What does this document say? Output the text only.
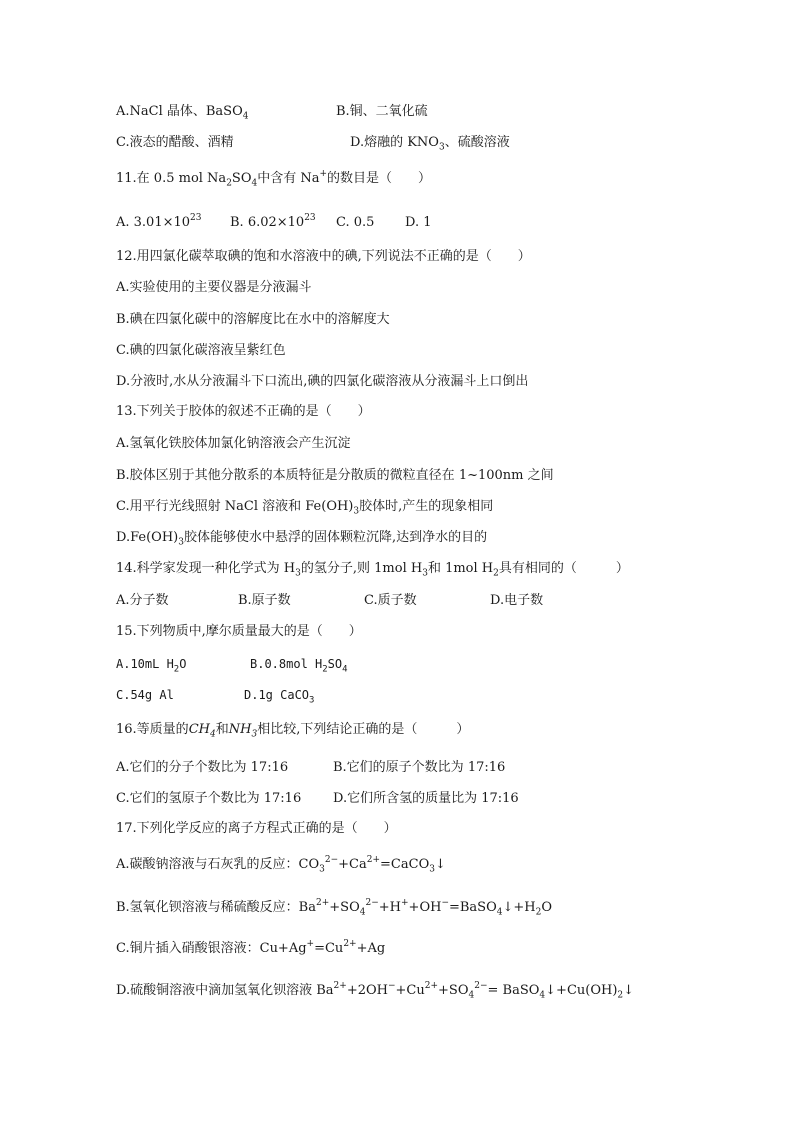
A.NaCl 晶体、BaSO$_4$	B.铜、二氧化硫
C.液态的醋酸、酒精	D.熔融的 $KNO_3$、硫酸溶液
11.在 0.5 mol $Na_2SO_4$中含有 Na+的数目是（　　）
A. $3.01\times 10^{23}$ B. $6.02\times 10^{23}$ C. 0.5 D. 1
12.用四氯化碳萃取碘的饱和水溶液中的碘,下列说法不正确的是（　　）
A.实验使用的主要仪器是分液漏斗
B.碘在四氯化碳中的溶解度比在水中的溶解度大
C.碘的四氯化碳溶液呈紫红色
D.分液时,水从分液漏斗下口流出,碘的四氯化碳溶液从分液漏斗上口倒出
13.下列关于胶体的叙述不正确的是（　　）
A.氢氧化铁胶体加氯化钠溶液会产生沉淀
B.胶体区别于其他分散系的本质特征是分散质的微粒直径在 1~100nm 之间
C.用平行光线照射 NaCl 溶液和 $Fe(OH)_3$胶体时,产生的现象相同
$D.Fe(OH)_3$胶体能够使水中悬浮的固体颗粒沉降,达到净水的目的
14.科学家发现一种化学式为 $H_3$的氢分子,则 1mol $H_3$和 1mol $H_2$具有相同的（　　　）
A.分子数	B.原子数	C.质子数	D.电子数
15.下列物质中,摩尔质量最大的是（　　）
A.10mL $H_2O$	B.0.8mol $H_2SO_4$
C.54g Al	D.1g CaCO$_3$
16.等质量的$CH_4$和$NH_3$相比较,下列结论正确的是（　　　）
A.它们的分子个数比为 17:16	B.它们的原子个数比为 17:16
C.它们的氢原子个数比为 17:16 D.它们所含氢的质量比为 17:16
17.下列化学反应的离子方程式正确的是（　　）
A.碳酸钠溶液与石灰乳的反应：$CO_3^{2-}+Ca^{2+}=CaCO_3↓$
B.氢氧化钡溶液与稀硫酸反应：$Ba^{2+}+SO_4^{2-}+H^++OH^-=BaSO_4↓+H_2O$
C.铜片插入硝酸银溶液：$Cu+Ag^+=Cu^{2+}+Ag$
D.硫酸铜溶液中滴加氢氧化钡溶液 $Ba^{2+}+2OH^-+Cu^{2+}+SO_4^{2-}=$ $BaSO_4↓+Cu(OH)_2↓$
